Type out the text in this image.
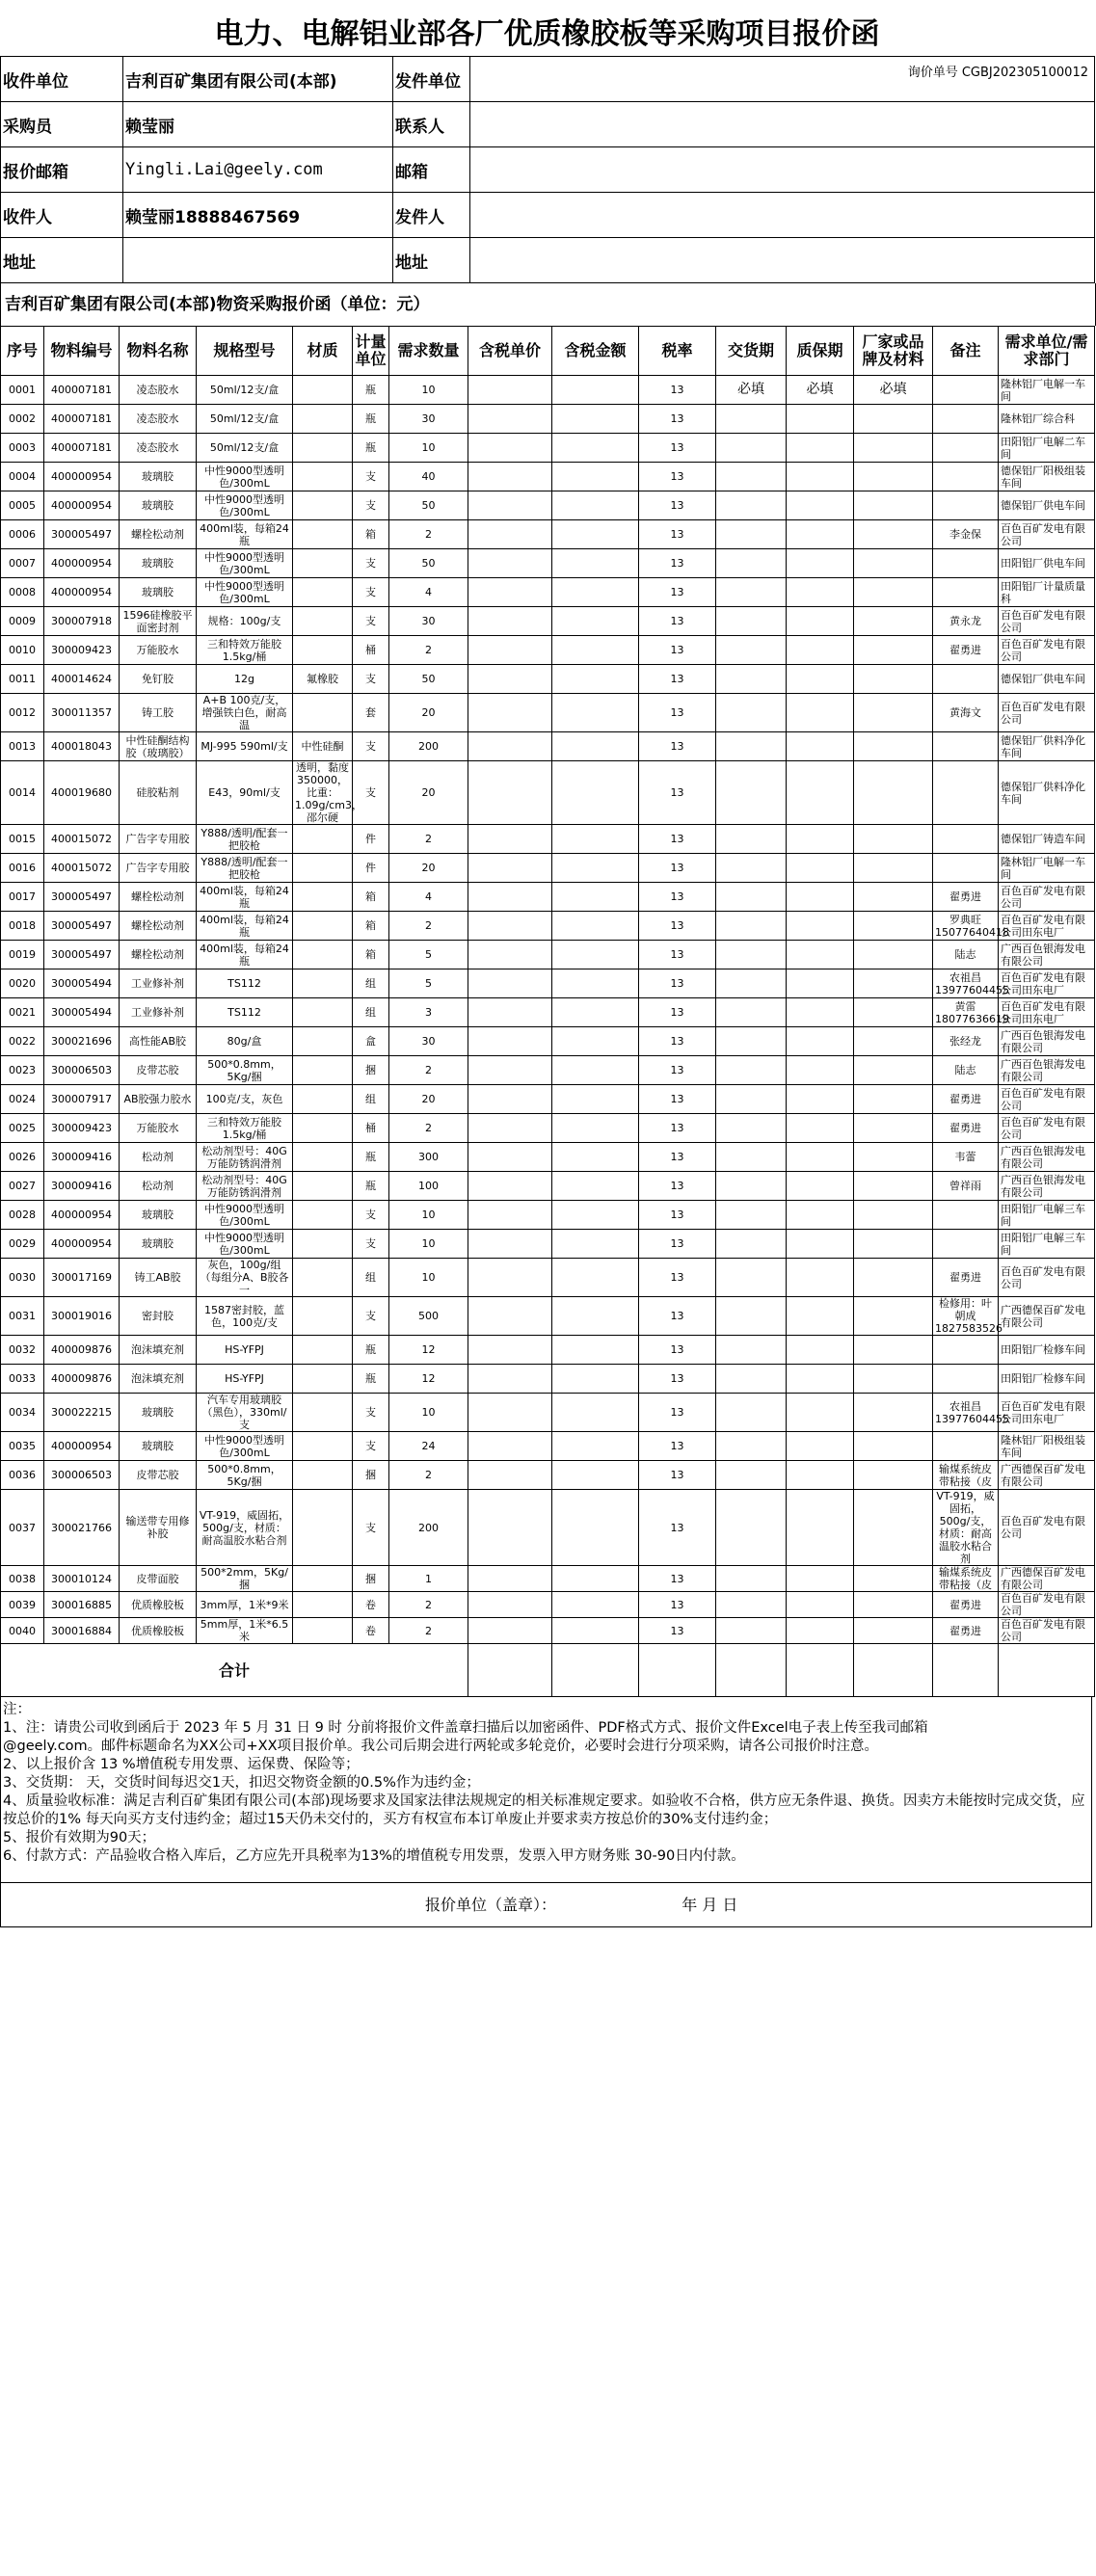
电力、电解铝业部各厂优质橡胶板等采购项目报价函
询价单号 CGBJ202305100012
收件单位	吉利百矿集团有限公司(本部)	发件单位	
采购员	赖莹丽	联系人	
报价邮箱	Yingli.Lai@geely.com	邮箱	
收件人	赖莹丽18888467569	发件人	
地址		地址	
吉利百矿集团有限公司(本部)物资采购报价函（单位：元）
序号	物料编号	物料名称	规格型号	材质	计量单位	需求数量	含税单价	含税金额	税率	交货期	质保期	厂家或品牌及材料	备注	需求单位/需求部门
0001	400007181	凌态胶水	50ml/12支/盒		瓶	10			13	必填	必填	必填		隆林铝厂电解一车间
0002	400007181	凌态胶水	50ml/12支/盒		瓶	30			13					隆林铝厂综合科
0003	400007181	凌态胶水	50ml/12支/盒		瓶	10			13					田阳铝厂电解二车间
0004	400000954	玻璃胶	中性9000型透明色/300mL		支	40			13					德保铝厂阳极组装车间
0005	400000954	玻璃胶	中性9000型透明色/300mL		支	50			13					德保铝厂供电车间
0006	300005497	螺栓松动剂	400ml装，每箱24瓶		箱	2			13				李金保	百色百矿发电有限公司
0007	400000954	玻璃胶	中性9000型透明色/300mL		支	50			13					田阳铝厂供电车间
0008	400000954	玻璃胶	中性9000型透明色/300mL		支	4			13					田阳铝厂计量质量科
0009	300007918	1596硅橡胶平面密封剂	规格：100g/支		支	30			13				黄永龙	百色百矿发电有限公司
0010	300009423	万能胶水	三和特效万能胶1.5kg/桶		桶	2			13				翟勇进	百色百矿发电有限公司
0011	400014624	免钉胶	12g	氟橡胶	支	50			13					德保铝厂供电车间
0012	300011357	铸工胶	A+B 100克/支，增强铁白色，耐高温		套	20			13				黄海文	百色百矿发电有限公司
0013	400018043	中性硅酮结构胶（玻璃胶）	MJ-995 590ml/支	中性硅酮	支	200			13					德保铝厂供料净化车间
0014	400019680	硅胶粘剂	E43，90ml/支	透明，黏度350000，比重：1.09g/cm3，邵尔硬	支	20			13					德保铝厂供料净化车间
0015	400015072	广告字专用胶	Y888/透明/配套一把胶枪		件	2			13					德保铝厂铸造车间
0016	400015072	广告字专用胶	Y888/透明/配套一把胶枪		件	20			13					隆林铝厂电解一车间
0017	300005497	螺栓松动剂	400ml装，每箱24瓶		箱	4			13				翟勇进	百色百矿发电有限公司
0018	300005497	螺栓松动剂	400ml装，每箱24瓶		箱	2			13				罗典旺15077640418	百色百矿发电有限公司田东电厂
0019	300005497	螺栓松动剂	400ml装，每箱24瓶		箱	5			13				陆志	广西百色银海发电有限公司
0020	300005494	工业修补剂	TS112		组	5			13				农祖昌13977604455	百色百矿发电有限公司田东电厂
0021	300005494	工业修补剂	TS112		组	3			13				黄雷18077636619	百色百矿发电有限公司田东电厂
0022	300021696	高性能AB胶	80g/盒		盒	30			13				张经龙	广西百色银海发电有限公司
0023	300006503	皮带芯胶	500*0.8mm，5Kg/捆		捆	2			13				陆志	广西百色银海发电有限公司
0024	300007917	AB胶强力胶水	100克/支，灰色		组	20			13				翟勇进	百色百矿发电有限公司
0025	300009423	万能胶水	三和特效万能胶1.5kg/桶		桶	2			13				翟勇进	百色百矿发电有限公司
0026	300009416	松动剂	松动剂型号：40G万能防锈润滑剂		瓶	300			13				韦蕾	广西百色银海发电有限公司
0027	300009416	松动剂	松动剂型号：40G万能防锈润滑剂		瓶	100			13				曾祥雨	广西百色银海发电有限公司
0028	400000954	玻璃胶	中性9000型透明色/300mL		支	10			13					田阳铝厂电解三车间
0029	400000954	玻璃胶	中性9000型透明色/300mL		支	10			13					田阳铝厂电解三车间
0030	300017169	铸工AB胶	灰色，100g/组（每组分A、B胶各一		组	10			13				翟勇进	百色百矿发电有限公司
0031	300019016	密封胶	1587密封胶，蓝色，100克/支		支	500			13				检修用：叶朝成1827583526	广西德保百矿发电有限公司
0032	400009876	泡沫填充剂	HS-YFPJ		瓶	12			13					田阳铝厂检修车间
0033	400009876	泡沫填充剂	HS-YFPJ		瓶	12			13					田阳铝厂检修车间
0034	300022215	玻璃胶	汽车专用玻璃胶（黑色），330ml/支		支	10			13				农祖昌13977604455	百色百矿发电有限公司田东电厂
0035	400000954	玻璃胶	中性9000型透明色/300mL		支	24			13					隆林铝厂阳极组装车间
0036	300006503	皮带芯胶	500*0.8mm，5Kg/捆		捆	2			13				输煤系统皮带粘接（皮	广西德保百矿发电有限公司
0037	300021766	输送带专用修补胶	VT-919，威固拓，500g/支，材质：耐高温胶水粘合剂		支	200			13				VT-919，威固拓，500g/支，材质：耐高温胶水粘合剂	百色百矿发电有限公司
0038	300010124	皮带面胶	500*2mm，5Kg/捆		捆	1			13				输煤系统皮带粘接（皮	广西德保百矿发电有限公司
0039	300016885	优质橡胶板	3mm厚，1米*9米		卷	2			13				翟勇进	百色百矿发电有限公司
0040	300016884	优质橡胶板	5mm厚，1米*6.5米		卷	2			13				翟勇进	百色百矿发电有限公司
合计														
注：
1、注：请贵公司收到函后于 2023 年 5 月 31 日 9 时 分前将报价文件盖章扫描后以加密函件、PDF格式方式、报价文件Excel电子表上传至我司邮箱
@geely.com。邮件标题命名为XX公司+XX项目报价单。我公司后期会进行两轮或多轮竞价，必要时会进行分项采购，请各公司报价时注意。
2、以上报价含 13 %增值税专用发票、运保费、保险等；
3、交货期： 天，交货时间每迟交1天，扣迟交物资金额的0.5%作为违约金；
4、质量验收标准：满足吉利百矿集团有限公司(本部)现场要求及国家法律法规规定的相关标准规定要求。如验收不合格，供方应无条件退、换货。因卖方未能按时完成交货，应按总价的1% 每天向买方支付违约金；超过15天仍未交付的，买方有权宣布本订单废止并要求卖方按总价的30%支付违约金；
5、报价有效期为90天；
6、付款方式：产品验收合格入库后，乙方应先开具税率为13%的增值税专用发票，发票入甲方财务账 30-90日内付款。
报价单位（盖章）：	年 月 日
